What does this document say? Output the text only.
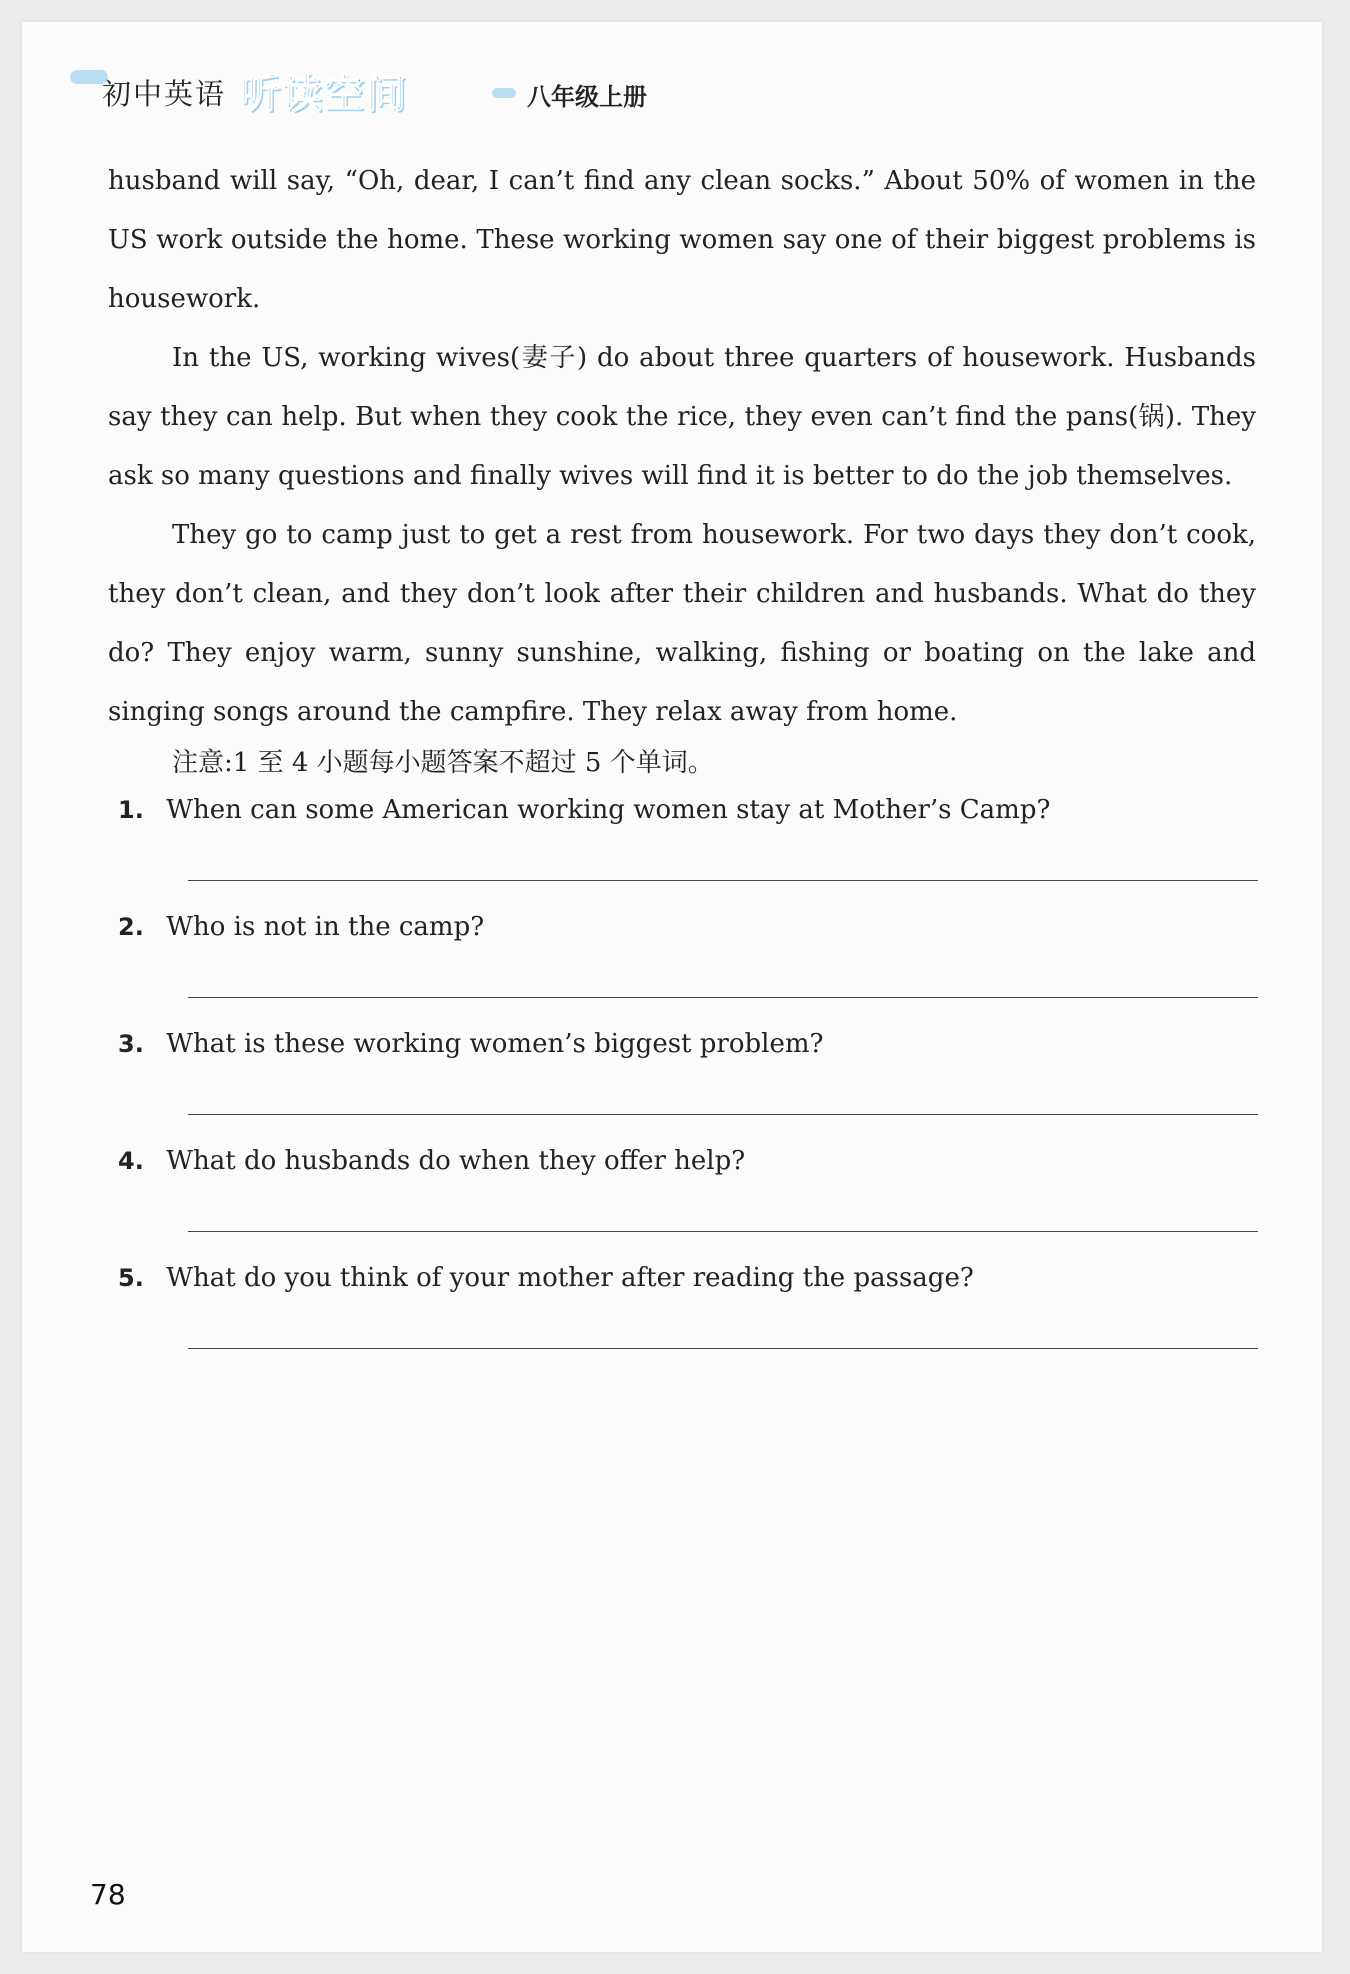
初中英语 听读空间	八年级上册

husband will say, “Oh, dear, I can’t find any clean socks.” About 50% of women in the US work outside the home. These working women say one of their biggest problems is housework.

In the US, working wives(妻子) do about three quarters of housework. Husbands say they can help. But when they cook the rice, they even can’t find the pans(锅). They ask so many questions and finally wives will find it is better to do the job themselves.

They go to camp just to get a rest from housework. For two days they don’t cook, they don’t clean, and they don’t look after their children and husbands. What do they do? They enjoy warm, sunny sunshine, walking, fishing or boating on the lake and singing songs around the campfire. They relax away from home.

注意:1 至 4 小题每小题答案不超过 5 个单词。
1. When can some American working women stay at Mother’s Camp?
2. Who is not in the camp?
3. What is these working women’s biggest problem?
4. What do husbands do when they offer help?
5. What do you think of your mother after reading the passage?
78
